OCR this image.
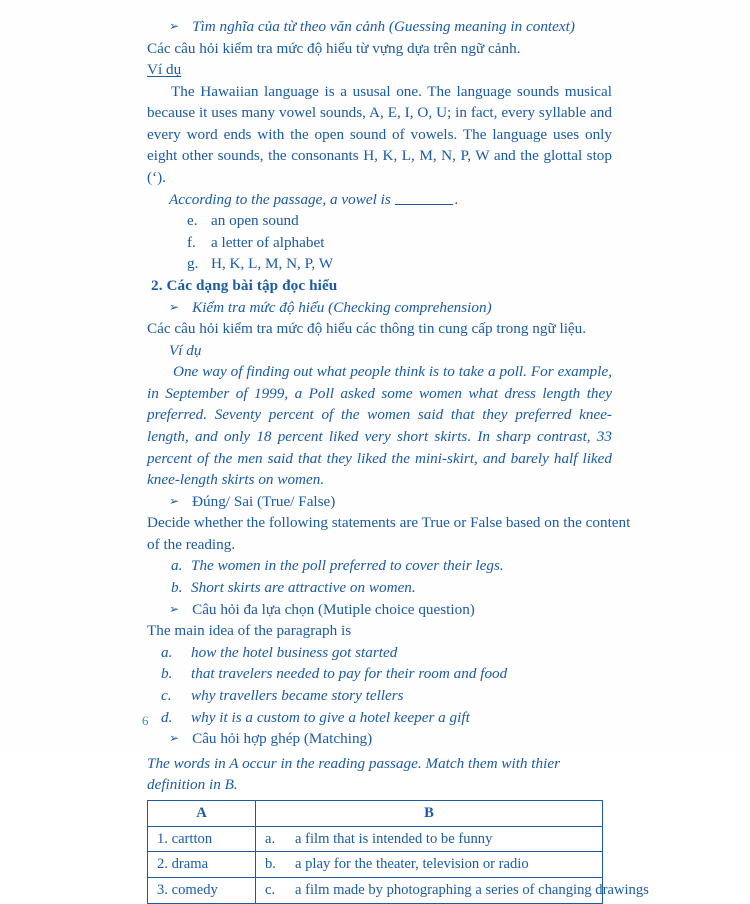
➢ Tìm nghĩa của từ theo văn cảnh (Guessing meaning in context)
Các câu hỏi kiểm tra mức độ hiểu từ vựng dựa trên ngữ cảnh.
Ví dụ
The Hawaiian language is a ususal one. The language sounds musical because it uses many vowel sounds, A, E, I, O, U; in fact, every syllable and every word ends with the open sound of vowels. The language uses only eight other sounds, the consonants H, K, L, M, N, P, W and the glottal stop (‘).
According to the passage, a vowel is	.
e. an open sound
f. a letter of alphabet
g. H, K, L, M, N, P, W
2. Các dạng bài tập đọc hiểu
➢ Kiểm tra mức độ hiểu (Checking comprehension)
Các câu hỏi kiểm tra mức độ hiểu các thông tin cung cấp trong ngữ liệu.
Ví dụ
One way of finding out what people think is to take a poll. For example, in September of 1999, a Poll asked some women what dress length they preferred. Seventy percent of the women said that they preferred knee-length, and only 18 percent liked very short skirts. In sharp contrast, 33 percent of the men said that they liked the mini-skirt, and barely half liked knee-length skirts on women.
➢ Đúng/ Sai (True/ False)
Decide whether the following statements are True or False based on the content
of the reading.
a. The women in the poll preferred to cover their legs.
b. Short skirts are attractive on women.
➢ Câu hỏi đa lựa chọn (Mutiple choice question)
The main idea of the paragraph is
a.	how the hotel business got started
b.	that travelers needed to pay for their room and food
c.	why travellers became story tellers
d.	why it is a custom to give a hotel keeper a gift
➢ Câu hỏi hợp ghép (Matching)
The words in A occur in the reading passage. Match them with thier definition in B.
A	B
1. cartton	a. a film that is intended to be funny

2. drama	b. a play for the theater, television or radio

3. comedy	c. a film made by photographing a series of changing drawings
6
